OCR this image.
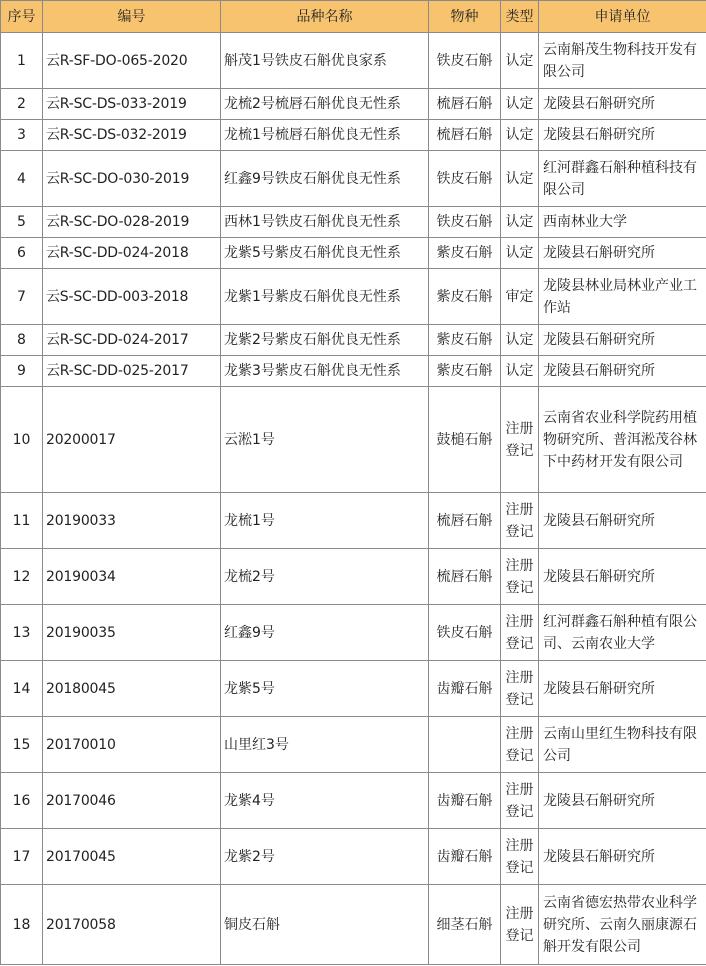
序号	编号	品种名称	物种	类型	申请单位
1	云R-SF-DO-065-2020	斛茂1号铁皮石斛优良家系	铁皮石斛	认定	云南斛茂生物科技开发有限公司
2	云R-SC-DS-033-2019	龙梳2号梳唇石斛优良无性系	梳唇石斛	认定	龙陵县石斛研究所
3	云R-SC-DS-032-2019	龙梳1号梳唇石斛优良无性系	梳唇石斛	认定	龙陵县石斛研究所
4	云R-SC-DO-030-2019	红鑫9号铁皮石斛优良无性系	铁皮石斛	认定	红河群鑫石斛种植科技有限公司
5	云R-SC-DO-028-2019	西林1号铁皮石斛优良无性系	铁皮石斛	认定	西南林业大学
6	云R-SC-DD-024-2018	龙紫5号紫皮石斛优良无性系	紫皮石斛	认定	龙陵县石斛研究所
7	云S-SC-DD-003-2018	龙紫1号紫皮石斛优良无性系	紫皮石斛	审定	龙陵县林业局林业产业工作站
8	云R-SC-DD-024-2017	龙紫2号紫皮石斛优良无性系	紫皮石斛	认定	龙陵县石斛研究所
9	云R-SC-DD-025-2017	龙紫3号紫皮石斛优良无性系	紫皮石斛	认定	龙陵县石斛研究所
10	20200017	云淞1号	鼓槌石斛	注册登记	云南省农业科学院药用植物研究所、普洱淞茂谷林下中药材开发有限公司
11	20190033	龙梳1号	梳唇石斛	注册登记	龙陵县石斛研究所
12	20190034	龙梳2号	梳唇石斛	注册登记	龙陵县石斛研究所
13	20190035	红鑫9号	铁皮石斛	注册登记	红河群鑫石斛种植有限公司、云南农业大学
14	20180045	龙紫5号	齿瓣石斛	注册登记	龙陵县石斛研究所
15	20170010	山里红3号		注册登记	云南山里红生物科技有限公司
16	20170046	龙紫4号	齿瓣石斛	注册登记	龙陵县石斛研究所
17	20170045	龙紫2号	齿瓣石斛	注册登记	龙陵县石斛研究所
18	20170058	铜皮石斛	细茎石斛	注册登记	云南省德宏热带农业科学研究所、云南久丽康源石斛开发有限公司
